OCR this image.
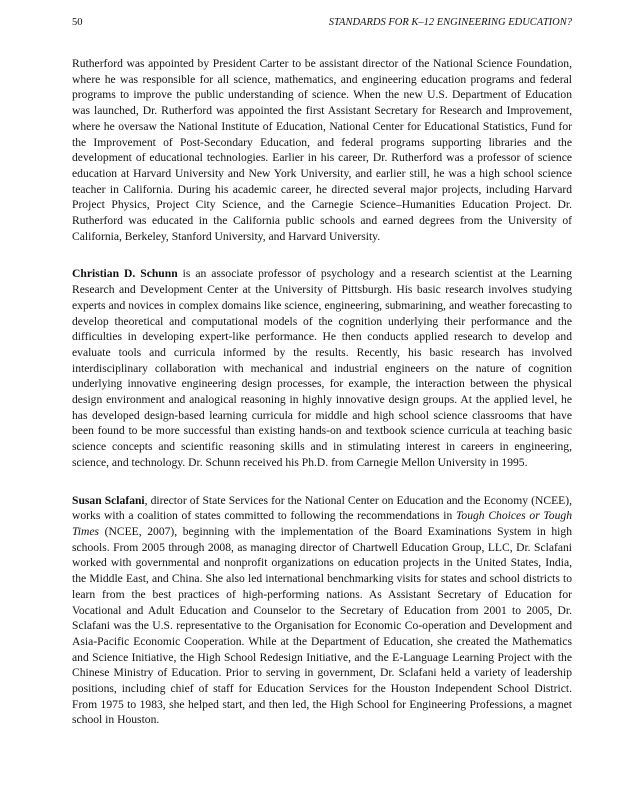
50	STANDARDS FOR K–12 ENGINEERING EDUCATION?

Rutherford was appointed by President Carter to be assistant director of the National Science Foundation, where he was responsible for all science, mathematics, and engineering education programs and federal programs to improve the public understanding of science. When the new U.S. Department of Education was launched, Dr. Rutherford was appointed the first Assistant Secretary for Research and Improvement, where he oversaw the National Institute of Education, National Center for Educational Statistics, Fund for the Improvement of Post-Secondary Education, and federal programs supporting libraries and the development of educational technologies. Earlier in his career, Dr. Rutherford was a professor of science education at Harvard University and New York University, and earlier still, he was a high school science teacher in California. During his academic career, he directed several major projects, including Harvard Project Physics, Project City Science, and the Carnegie Science–Humanities Education Project. Dr. Rutherford was educated in the California public schools and earned degrees from the University of California, Berkeley, Stanford University, and Harvard University.

Christian D. Schunn is an associate professor of psychology and a research scientist at the Learning Research and Development Center at the University of Pittsburgh. His basic research involves studying experts and novices in complex domains like science, engineering, submarining, and weather forecasting to develop theoretical and computational models of the cognition underlying their performance and the difficulties in developing expert-like performance. He then conducts applied research to develop and evaluate tools and curricula informed by the results. Recently, his basic research has involved interdisciplinary collaboration with mechanical and industrial engineers on the nature of cognition underlying innovative engineering design processes, for example, the interaction between the physical design environment and analogical reasoning in highly innovative design groups. At the applied level, he has developed design-based learning curricula for middle and high school science classrooms that have been found to be more successful than existing hands-on and textbook science curricula at teaching basic science concepts and scientific reasoning skills and in stimulating interest in careers in engineering, science, and technology. Dr. Schunn received his Ph.D. from Carnegie Mellon University in 1995.

Susan Sclafani, director of State Services for the National Center on Education and the Economy (NCEE), works with a coalition of states committed to following the recommendations in Tough Choices or Tough Times (NCEE, 2007), beginning with the implementation of the Board Examinations System in high schools. From 2005 through 2008, as managing director of Chartwell Education Group, LLC, Dr. Sclafani worked with governmental and nonprofit organizations on education projects in the United States, India, the Middle East, and China. She also led international benchmarking visits for states and school districts to learn from the best practices of high-performing nations. As Assistant Secretary of Education for Vocational and Adult Education and Counselor to the Secretary of Education from 2001 to 2005, Dr. Sclafani was the U.S. representative to the Organisation for Economic Co-operation and Development and Asia-Pacific Economic Cooperation. While at the Department of Education, she created the Mathematics and Science Initiative, the High School Redesign Initiative, and the E-Language Learning Project with the Chinese Ministry of Education. Prior to serving in government, Dr. Sclafani held a variety of leadership positions, including chief of staff for Education Services for the Houston Independent School District. From 1975 to 1983, she helped start, and then led, the High School for Engineering Professions, a magnet school in Houston.
